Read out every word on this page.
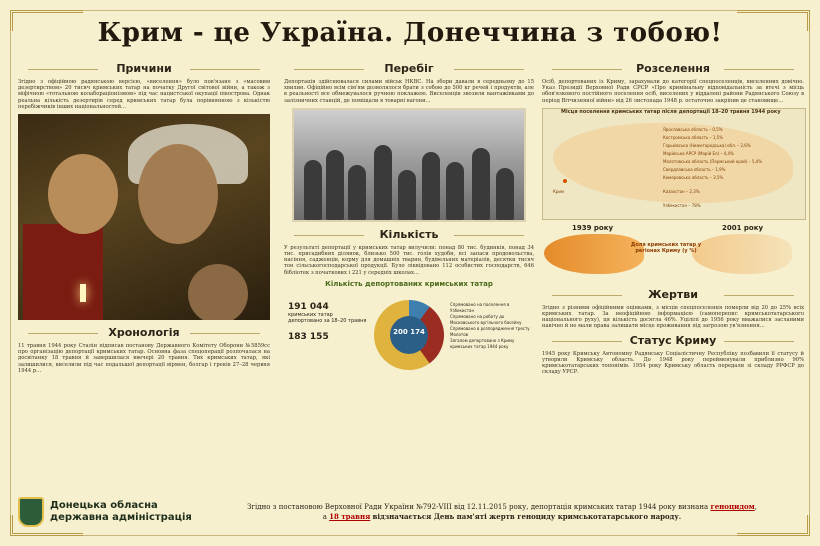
Крим - це Україна. Донеччина з тобою!
Причини

Згідно з офіційною радянською версією, «виселення» було пов'язане з «масовим дезертирством» 20 тисяч кримських татар на початку Другої світової війни, а також з міфічною «тотальною колабораціонізмом» під час нацистської окупації півострова. Однак реальна кількість дезертирів серед кримських татар була порівнянною з кількістю перебіжчиків інших національностей...

Хронологія

11 травня 1944 року Сталін підписав постанову Державного Комітету Оборони №5859сс про організацію депортації кримських татар. Основна фаза спецоперації розпочалася на досвітанку 18 травня й завершилася ввечері 20 травня. Тих кримських татар, які залишилися, виселили під час подальшої депортації вірмен, болгар і греків 27–28 червня 1944 р...

Перебіг

Депортація здійснювалася силами військ НКВС. На збори давали в середньому до 15 хвилин. Офіційно всім сім'ям дозволялося брати з собою до 500 кг речей і продуктів, але в реальності все обмежувалося ручною поклажею. Виселенців звозили вантажівками до залізничних станцій, де поміщали в товарні вагони...

Кількість

У результаті депортації у кримських татар вилучили: понад 80 тис. будинків, понад 34 тис. присадибних ділянок, близько 500 тис. голів худоби, всі запаси продовольства, насіння, садженців, корму для домашніх тварин, будівельних матеріалів, десятки тисяч тон сільськогосподарської продукції. Було ліквідовано 112 особистих господарств, 646 бібліотек з початкових і 221 у середніх школах...

Кількість депортованих кримських татар
191 044
кримських татар депортовано за 18–20 травня
183 155	200 174
Спрямовано на поселення в Узбекистан
Спрямовано на роботу до Московського вугільного басейну
Спрямовано в розпорядження тресту Молотов
Загалом депортовано з Криму кримських татар 1944 року
Розселення

Осіб, депортованих із Криму, зарахували до категорії спецпоселенців, виселенних довічно. Указ Президії Верховної Ради СРСР «Про кримінальну відповідальність за втечі з місць обов'язкового постійного поселення осіб, виселених у віддалені райони Радянського Союзу в період Вітчизняної війни» від 26 листопада 1948 р. остаточно закріпив це становище...

Місця поселення кримських татар після депортації 18–20 травня 1944 року
Крим
Ярославська область – 0,5%
Костромська область – 1,5%
Горьківська (Нижегородська) обл. – 2,6%
Марійська АРСР (Марій Ел) – 4,4%
Молотовська область (Пермський край) – 5,4%
Свердловська область – 1,9%
Кемеровська область – 3,5%
Казахстан – 2,3%
Узбекистан – 78%
1939 року	2001 року
Доля кримських татар у регіонах Криму (у %)
Жертви

Згідно з різними офіційними оцінками, з місців спецпоселення померли від 20 до 25% всіх кримських татар. За неофіційною інформацією (самоперепис кримськотатарського національного руху), ця кількість досягла 46%. Уцілілі до 1956 року вважалися засланими навічно й не мали права залишати місце проживання під загрозою ув'язнення...

Статус Криму

1945 року Кримську Автономну Радянську Соціалістичну Республіку позбавили її статусу й утворили Кримську область. До 1948 року перейменували приблизно 90% кримськотатарських топонімів. 1954 року Кримську область передали зі складу РРФСР до складу УРСР.

Донецька обласна державна адміністрація
Згідно з постановою Верховної Ради України №792-VIII від 12.11.2015 року, депортація кримських татар 1944 року визнана геноцидом,
а 18 травня відзначається День пам'яті жертв геноциду кримськотатарського народу.
